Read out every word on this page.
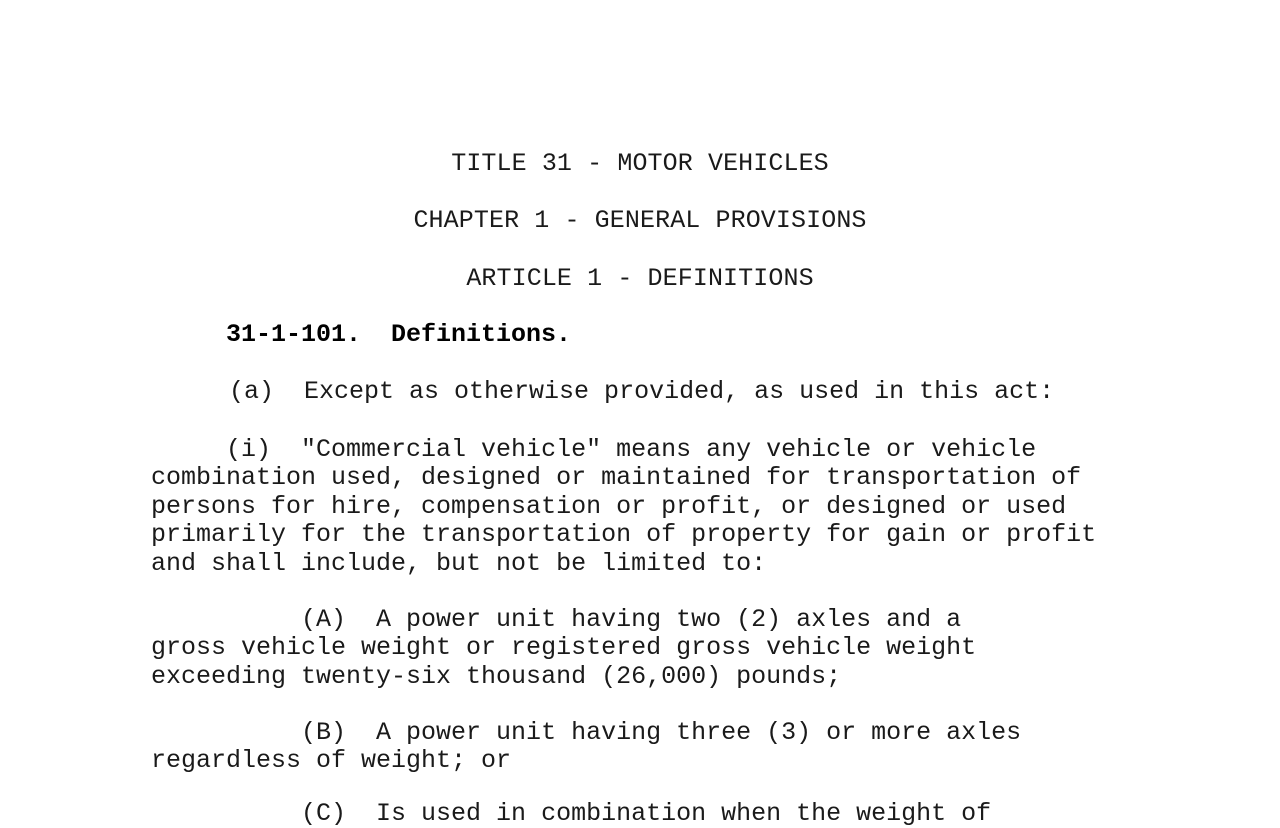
TITLE 31 - MOTOR VEHICLES
CHAPTER 1 - GENERAL PROVISIONS
ARTICLE 1 - DEFINITIONS
31-1-101.  Definitions.
(a)  Except as otherwise provided, as used in this act:
(i)  "Commercial vehicle" means any vehicle or vehicle
combination used, designed or maintained for transportation of
persons for hire, compensation or profit, or designed or used
primarily for the transportation of property for gain or profit
and shall include, but not be limited to:
(A)  A power unit having two (2) axles and a
gross vehicle weight or registered gross vehicle weight
exceeding twenty-six thousand (26,000) pounds;
(B)  A power unit having three (3) or more axles
regardless of weight; or
(C)  Is used in combination when the weight of
